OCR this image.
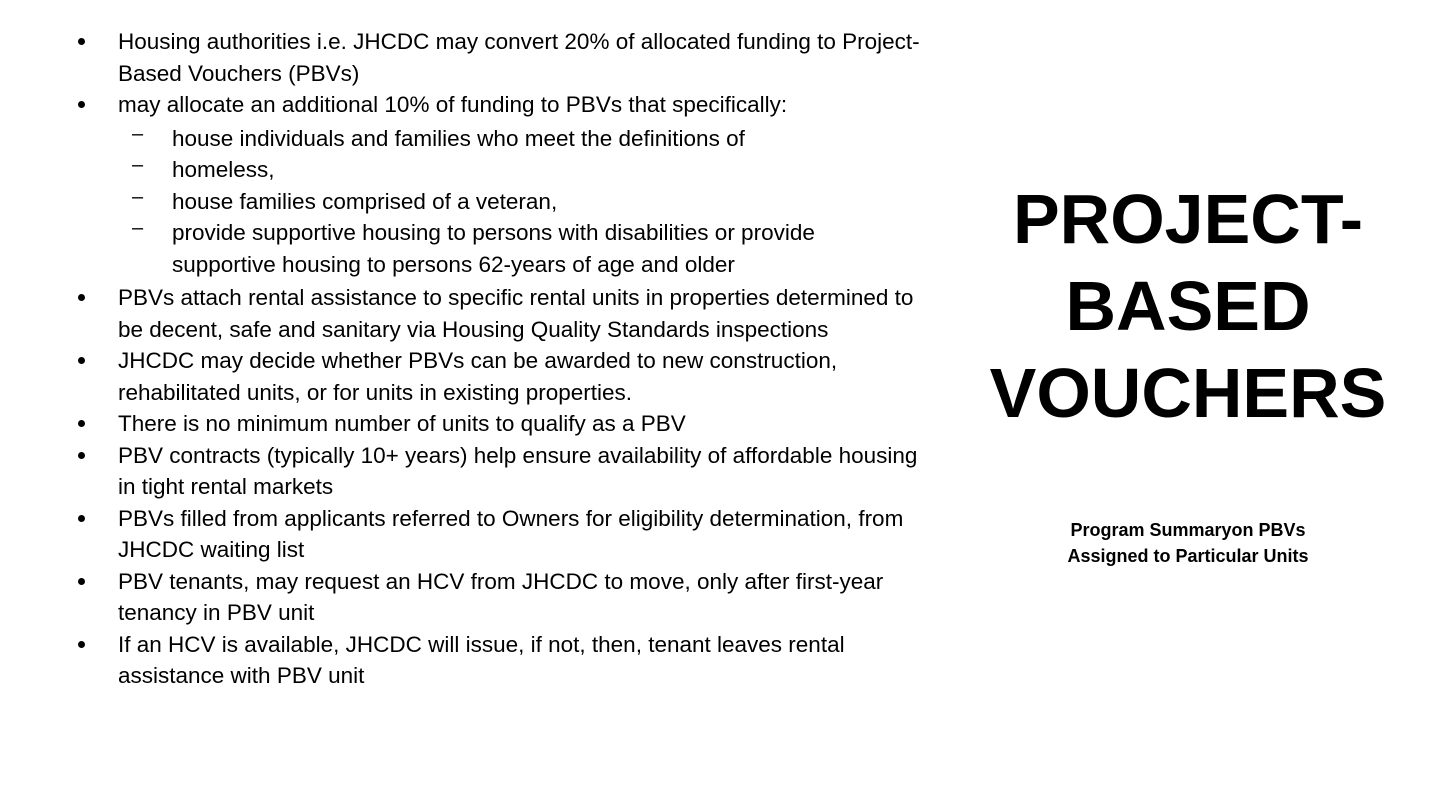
Housing authorities i.e. JHCDC may convert 20% of allocated funding to Project-Based Vouchers (PBVs)
may allocate an additional 10% of funding to PBVs that specifically:
– house individuals and families who meet the definitions of
– homeless,
– house families comprised of a veteran,
– provide supportive housing to persons with disabilities or provide supportive housing to persons 62-years of age and older
PBVs attach rental assistance to specific rental units in properties determined to be decent, safe and sanitary via Housing Quality Standards inspections
JHCDC may decide whether PBVs can be awarded to new construction, rehabilitated units, or for units in existing properties.
There is no minimum number of units to qualify as a PBV
PBV contracts (typically 10+ years) help ensure availability of affordable housing in tight rental markets
PBVs filled from applicants referred to Owners for eligibility determination, from JHCDC waiting list
PBV tenants, may request an HCV from JHCDC to move, only after first-year tenancy in PBV unit
If an HCV is available, JHCDC will issue, if not, then, tenant leaves rental assistance with PBV unit
PROJECT-
BASED
VOUCHERS
Program Summaryon PBVs
Assigned to Particular Units
